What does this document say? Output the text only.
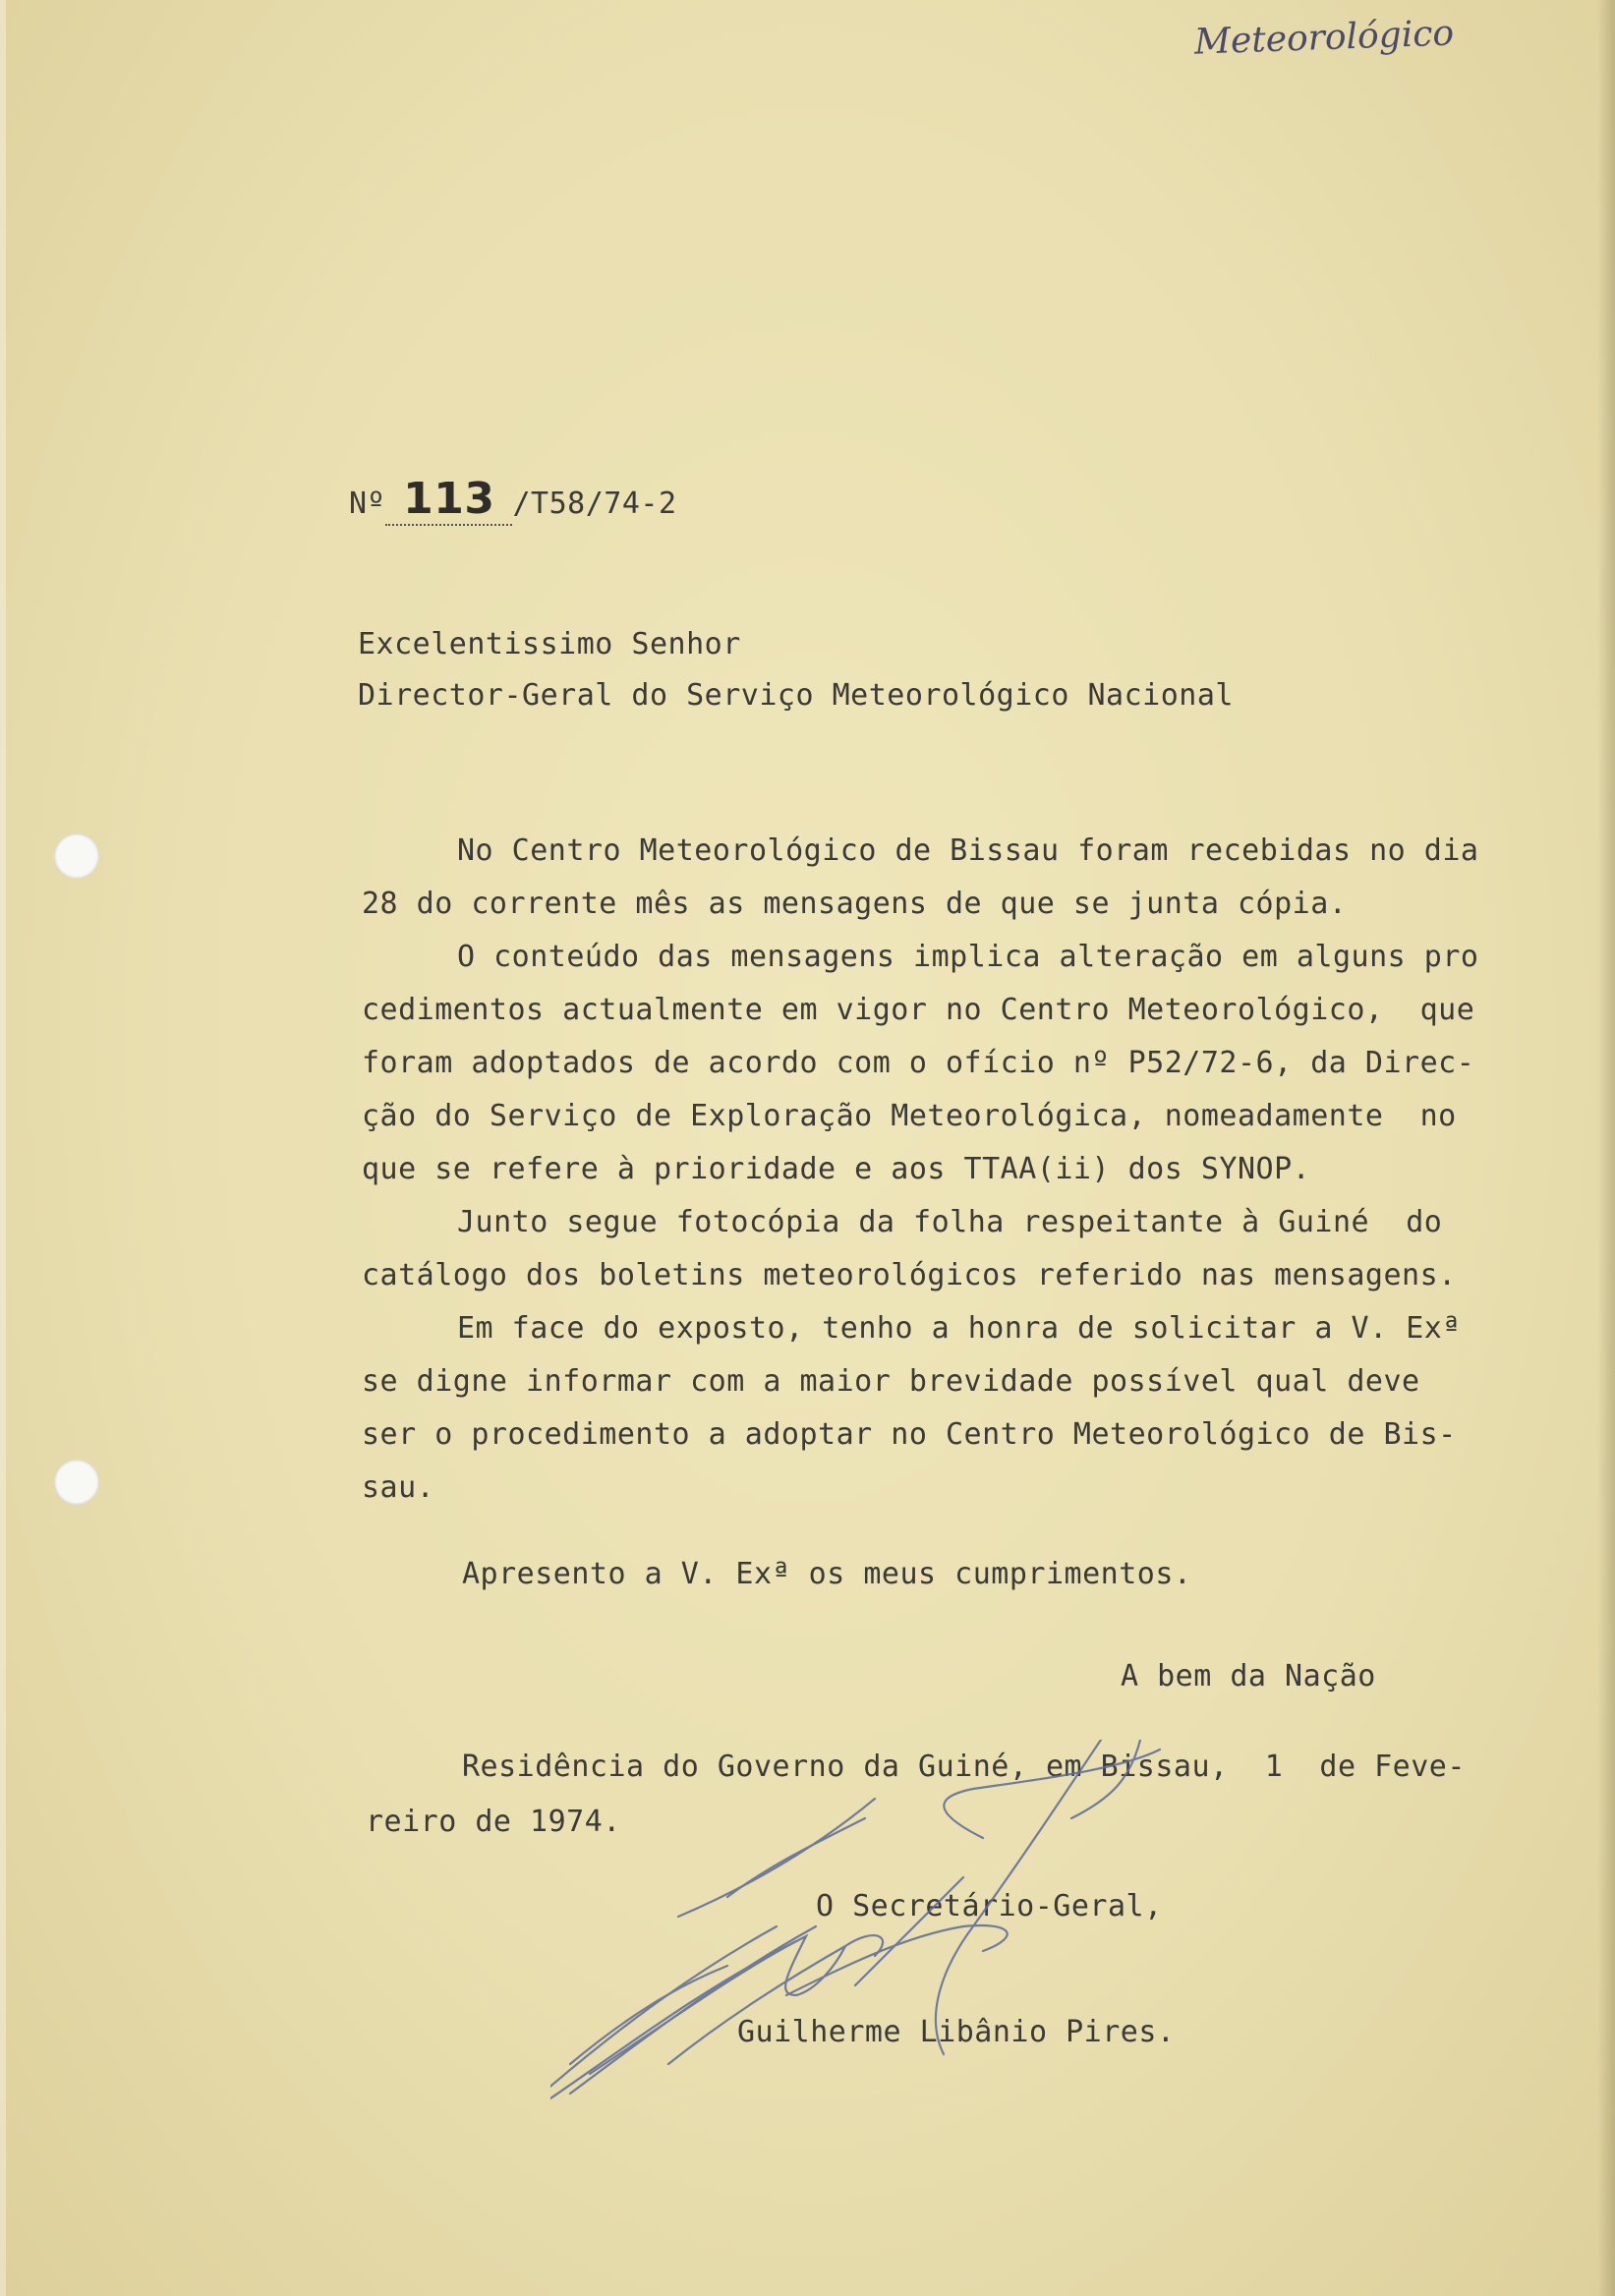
Meteorológico
Nº 113 /T58/74-2
Excelentissimo Senhor
Director-Geral do Serviço Meteorológico Nacional
No Centro Meteorológico de Bissau foram recebidas no dia
28 do corrente mês as mensagens de que se junta cópia.
O conteúdo das mensagens implica alteração em alguns pro
cedimentos actualmente em vigor no Centro Meteorológico,  que
foram adoptados de acordo com o ofício nº P52/72-6, da Direc-
ção do Serviço de Exploração Meteorológica, nomeadamente  no
que se refere à prioridade e aos TTAA(ii) dos SYNOP.
Junto segue fotocópia da folha respeitante à Guiné  do
catálogo dos boletins meteorológicos referido nas mensagens.
Em face do exposto, tenho a honra de solicitar a V. Exª
se digne informar com a maior brevidade possível qual deve
ser o procedimento a adoptar no Centro Meteorológico de Bis-
sau.
Apresento a V. Exª os meus cumprimentos.
A bem da Nação
Residência do Governo da Guiné, em Bissau,  1  de Feve-
reiro de 1974.
O Secretário-Geral,
Guilherme Libânio Pires.
